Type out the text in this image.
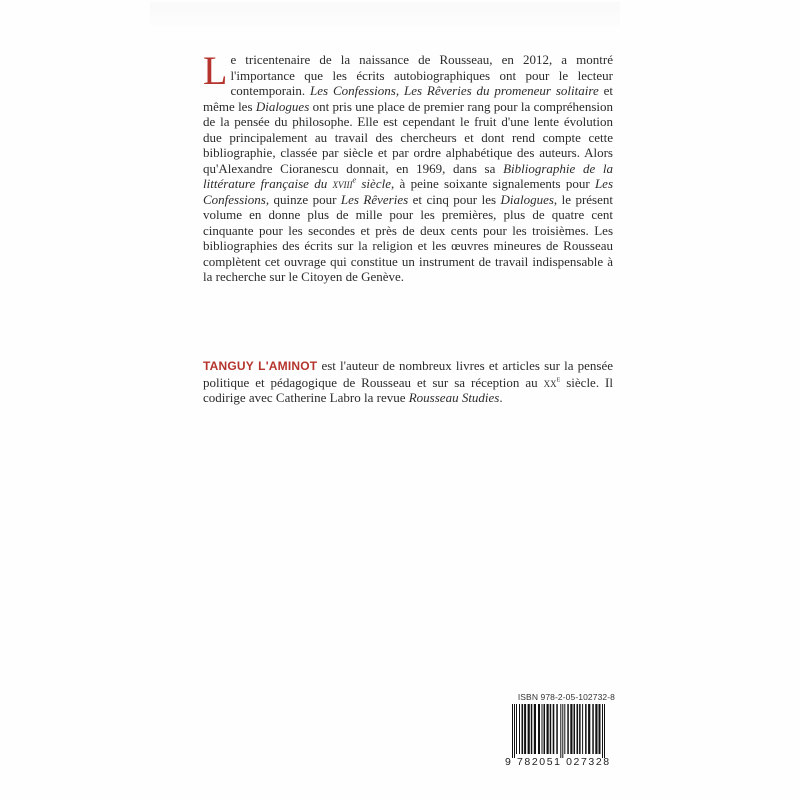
Le tricentenaire de la naissance de Rousseau, en 2012, a montré l'importance que les écrits autobiographiques ont pour le lecteur contemporain. Les Confessions, Les Rêveries du promeneur solitaire et même les Dialogues ont pris une place de premier rang pour la compréhension de la pensée du philosophe. Elle est cependant le fruit d'une lente évolution due principalement au travail des chercheurs et dont rend compte cette bibliographie, classée par siècle et par ordre alphabétique des auteurs. Alors qu'Alexandre Cioranescu donnait, en 1969, dans sa Bibliographie de la littérature française du xviii$^e$ siècle, à peine soixante signalements pour Les Confessions, quinze pour Les Rêveries et cinq pour les Dialogues, le présent volume en donne plus de mille pour les premières, plus de quatre cent cinquante pour les secondes et près de deux cents pour les troisièmes. Les bibliographies des écrits sur la religion et les œuvres mineures de Rousseau complètent cet ouvrage qui constitue un instrument de travail indispensable à la recherche sur le Citoyen de Genève.
TANGUY L'AMINOT est l'auteur de nombreux livres et articles sur la pensée politique et pédagogique de Rousseau et sur sa réception au $xx^e$ siècle. Il codirige avec Catherine Labro la revue Rousseau Studies.
ISBN 978-2-05-102732-8
9 782051 027328
